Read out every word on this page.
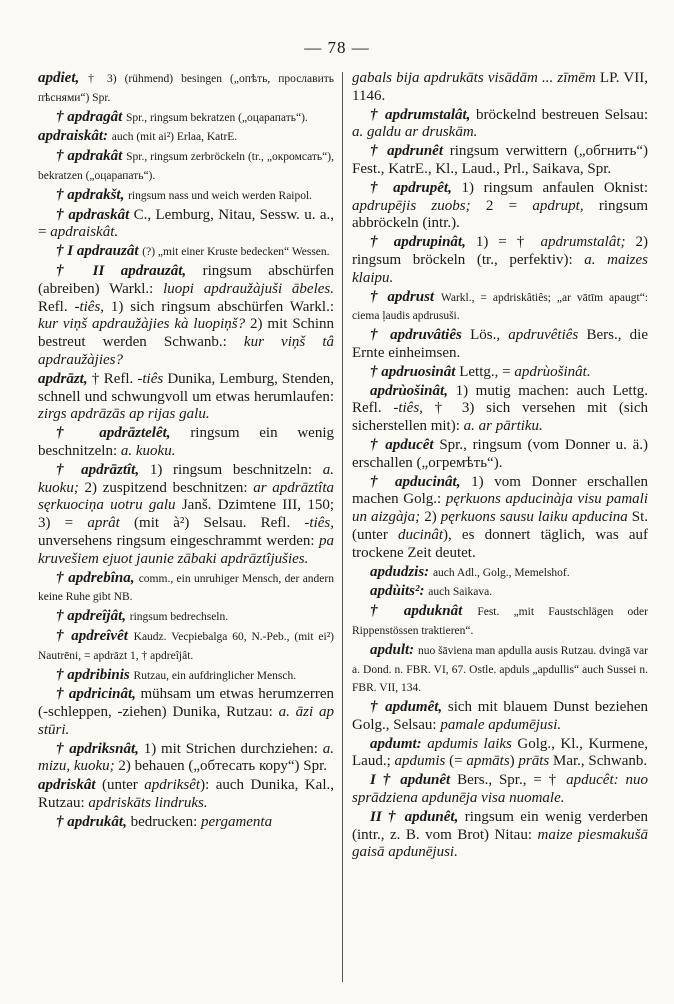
— 78 —

apdiet, † 3) (rühmend) besingen („опѣть, прославить пѣснями“) Spr.

† apdragât Spr., ringsum bekratzen („оцарапать“).

apdraiskât: auch (mit ai²) Erlaa, KatrE.

† apdrakât Spr., ringsum zerbröckeln (tr., „окромсать“), bekratzen („оцарапать“).

† apdrakšt, ringsum nass und weich werden Raipol.

† apdraskât C., Lemburg, Nitau, Sessw. u. a., = apdraiskât.

† I apdrauzât (?) „mit einer Kruste bedecken“ Wessen.

† II apdrauzât, ringsum abschürfen (abreiben) Warkl.: luopi apdraužàjuši ābeles. Refl. -tiês, 1) sich ringsum abschürfen Warkl.: kur viņš apdraužàjies kà luopiņš? 2) mit Schinn bestreut werden Schwanb.: kur viņš tâ apdraužàjies?

apdrāzt, † Refl. -tiês Dunika, Lemburg, Stenden, schnell und schwungvoll um etwas herumlaufen: zirgs apdrāzās ap rijas galu.

† apdrāztelêt, ringsum ein wenig beschnitzeln: a. kuoku.

† apdrāztît, 1) ringsum beschnitzeln: a. kuoku; 2) zuspitzend beschnitzen: ar apdrāztîta sęrkuociņa uotru galu Janš. Dzimtene III, 150; 3) = aprât (mit à²) Selsau. Refl. -tiês, unversehens ringsum eingeschrammt werden: pa kruvešiem ejuot jaunie zābaki apdrāztîjušies.

† apdrebîna, comm., ein unruhiger Mensch, der andern keine Ruhe gibt NB.

† apdreîjât, ringsum bedrechseln.

† apdreîvêt Kaudz. Vecpiebalga 60, N.-Peb., (mit ei²) Nautrēni, = apdrāzt 1, † apdreîjât.

† apdribinis Rutzau, ein aufdringlicher Mensch.

† apdricinât, mühsam um etwas herumzerren (-schleppen, -ziehen) Dunika, Rutzau: a. āzi ap stūri.

† apdriksnât, 1) mit Strichen durchziehen: a. mizu, kuoku; 2) behauen („обтесать кору“) Spr.

apdriskât (unter apdriksêt): auch Dunika, Kal., Rutzau: apdriskāts lindruks.

† apdrukât, bedrucken: pergamenta

gabals bija apdrukāts visādām ... zīmēm LP. VII, 1146.

† apdrumstalât, bröckelnd bestreuen Selsau: a. galdu ar druskām.

† apdrunêt ringsum verwittern („обгнить“) Fest., KatrE., Kl., Laud., Prl., Saikava, Spr.

† apdrupêt, 1) ringsum anfaulen Oknist: apdrupējis zuobs; 2 = apdrupt, ringsum abbröckeln (intr.).

† apdrupinât, 1) = † apdrumstalât; 2) ringsum bröckeln (tr., perfektiv): a. maizes klaipu.

† apdrust Warkl., = apdriskâtiês; „ar vātīm apaugt“: ciema ļaudis apdrusuši.

† apdruvâtiês Lös., apdruvêtiês Bers., die Ernte einheimsen.

† apdruosinât Lettg., = apdrùošinât.

apdrùošinât, 1) mutig machen: auch Lettg. Refl. -tiês, † 3) sich versehen mit (sich sicherstellen mit): a. ar pārtiku.

† apducêt Spr., ringsum (vom Donner u. ä.) erschallen („огремѣть“).

† apducinât, 1) vom Donner erschallen machen Golg.: pęrkuons apducinàja visu pamali un aizgàja; 2) pęrkuons sausu laiku apducina St. (unter ducinât), es donnert täglich, was auf trockene Zeit deutet.

apdudzis: auch Adl., Golg., Memelshof.

apdùits²: auch Saikava.

† apduknât Fest. „mit Faustschlägen oder Rippenstössen traktieren“.

apdult: nuo šāviena man apdulla ausis Rutzau. dvingā var a. Dond. n. FBR. VI, 67. Ostle. apduls „apdullis“ auch Sussei n. FBR. VII, 134.

† apdumêt, sich mit blauem Dunst beziehen Golg., Selsau: pamale apdumējusi.

apdumt: apdumis laiks Golg., Kl., Kurmene, Laud.; apdumis (= apmāts) prāts Mar., Schwanb.

I † apdunêt Bers., Spr., = † apducêt: nuo sprādziena apdunēja visa nuomale.

II † apdunêt, ringsum ein wenig verderben (intr., z. B. vom Brot) Nitau: maize piesmakušā gaisā apdunējusi.
